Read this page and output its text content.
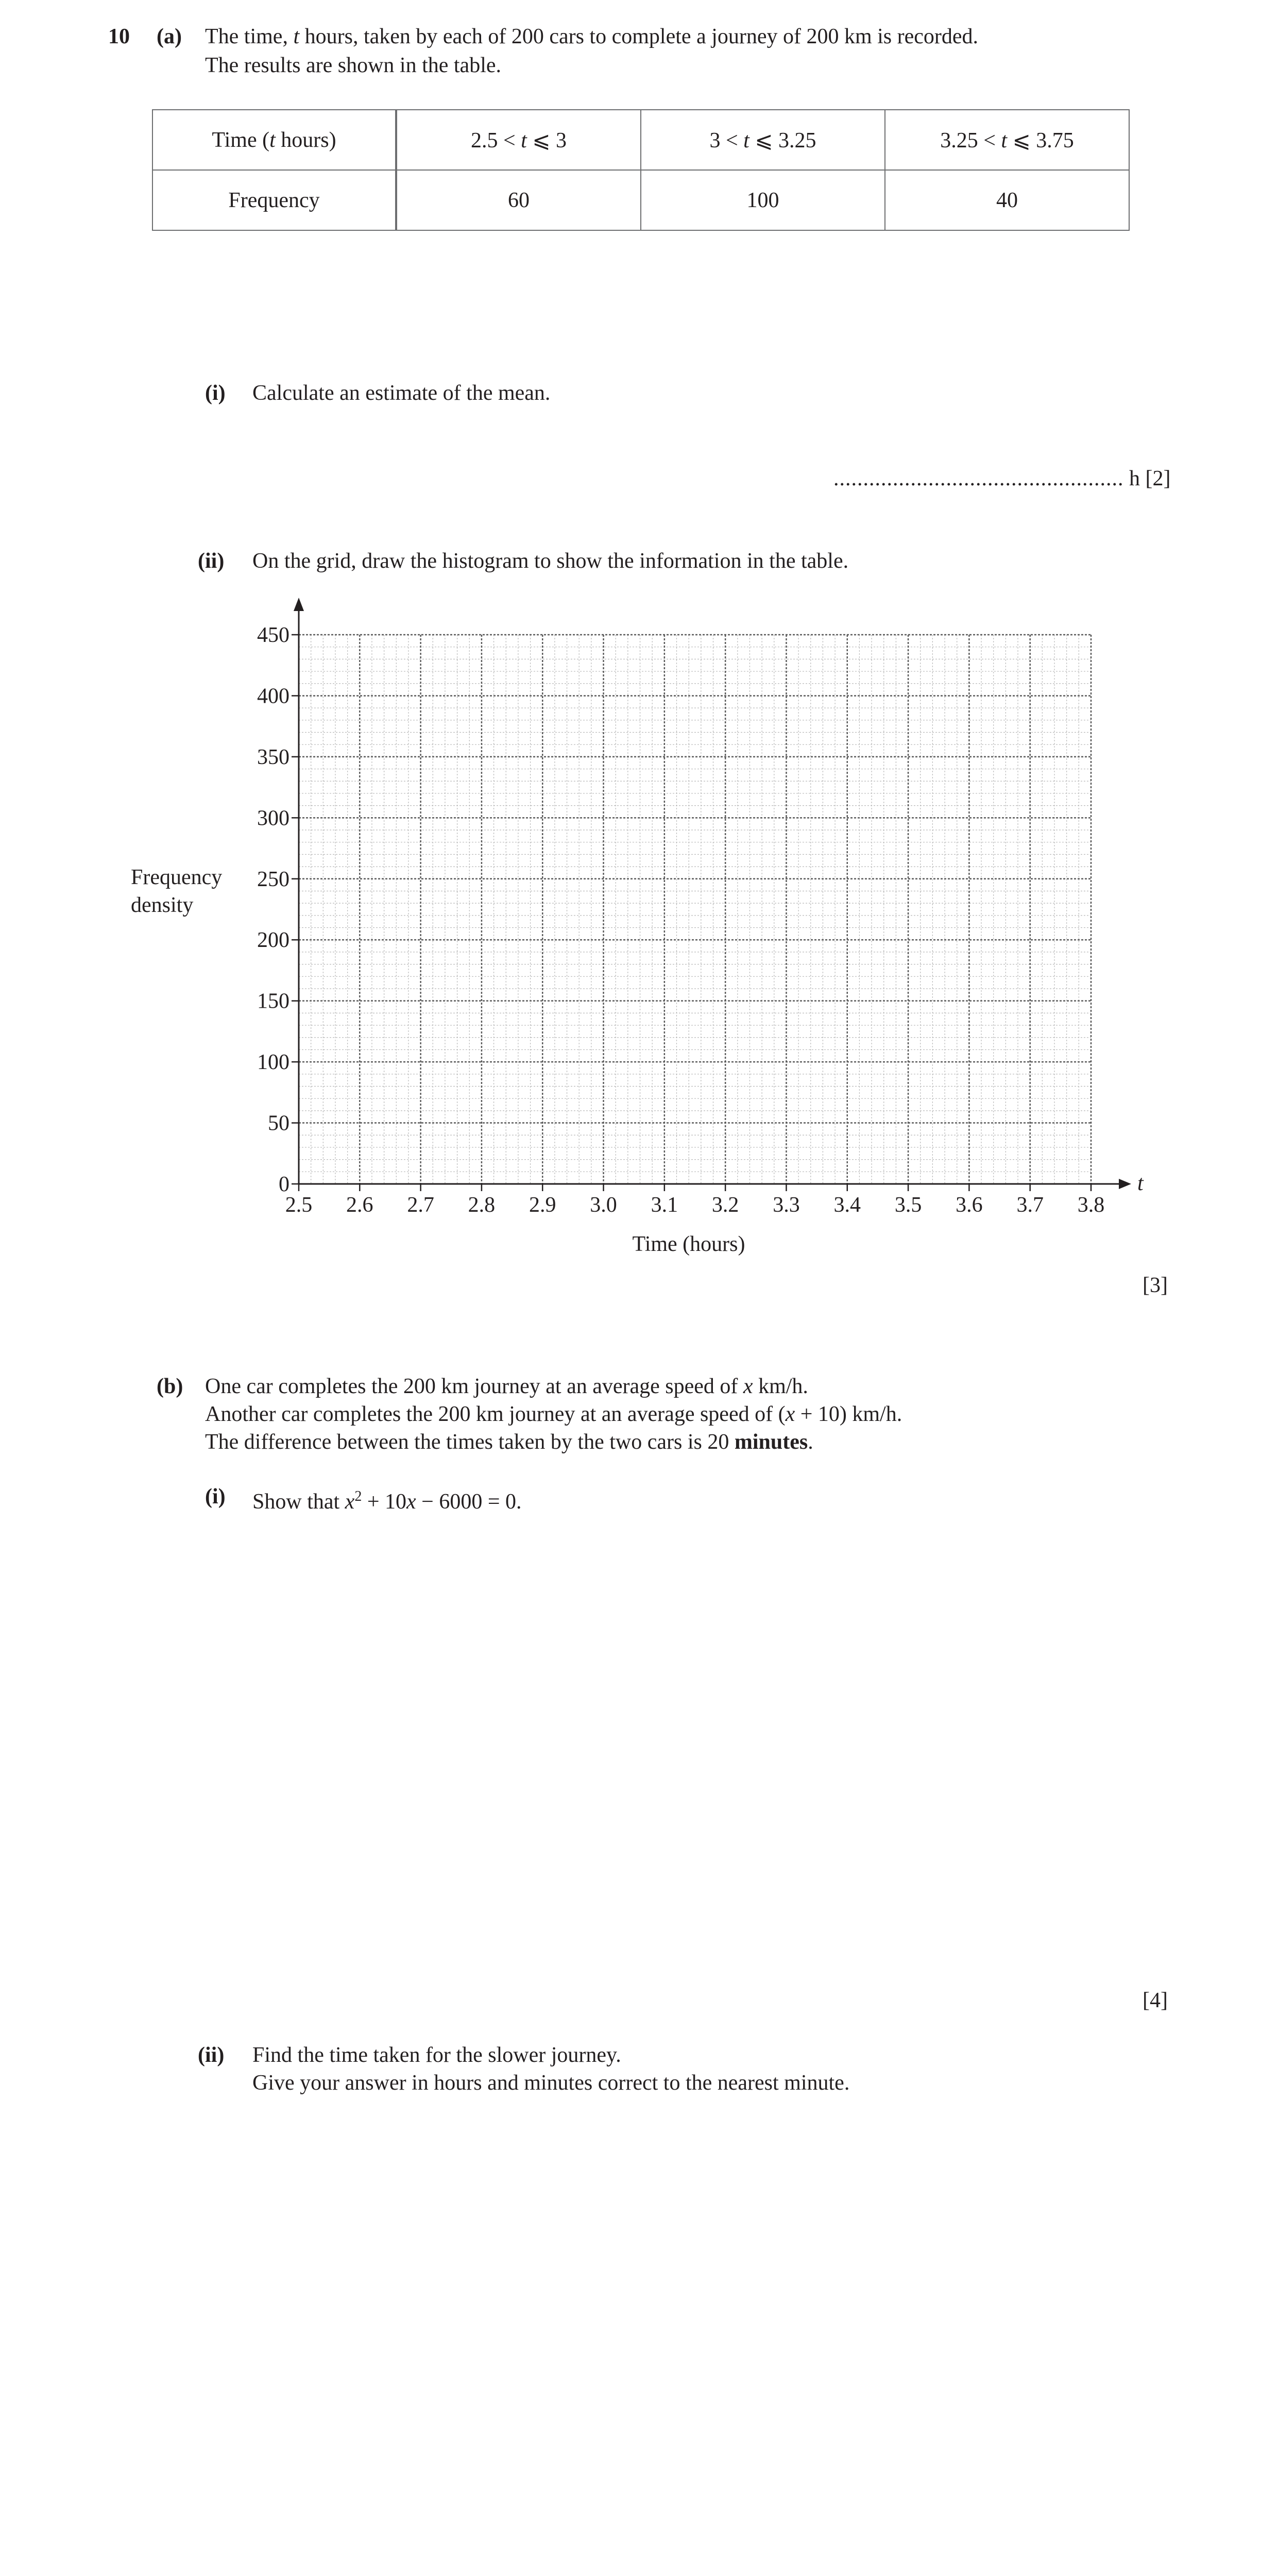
10 (a) The time, t hours, taken by each of 200 cars to complete a journey of 200 km is recorded.
The results are shown in the table.
Time (t hours)	2.5 < t ⩽ 3	3 < t ⩽ 3.25	3.25 < t ⩽ 3.75
Frequency	60	100	40
(i) Calculate an estimate of the mean.
................................................. h [2]
(ii) On the grid, draw the histogram to show the information in the table.
2.5 2.6 2.7 2.8 2.9 3.0 3.1 3.2 3.3 3.4 3.5 3.6 3.7 3.8
0
50
100
150
200
250
300
350
400
450
t
Time (hours)
Frequency
density
[3]
(b) One car completes the 200 km journey at an average speed of x km/h.
Another car completes the 200 km journey at an average speed of (x + 10) km/h.
The difference between the times taken by the two cars is 20 minutes.
(i) Show that $x^2 + 10x - 6000 = 0$.
[4]
(ii) Find the time taken for the slower journey.
Give your answer in hours and minutes correct to the nearest minute.
